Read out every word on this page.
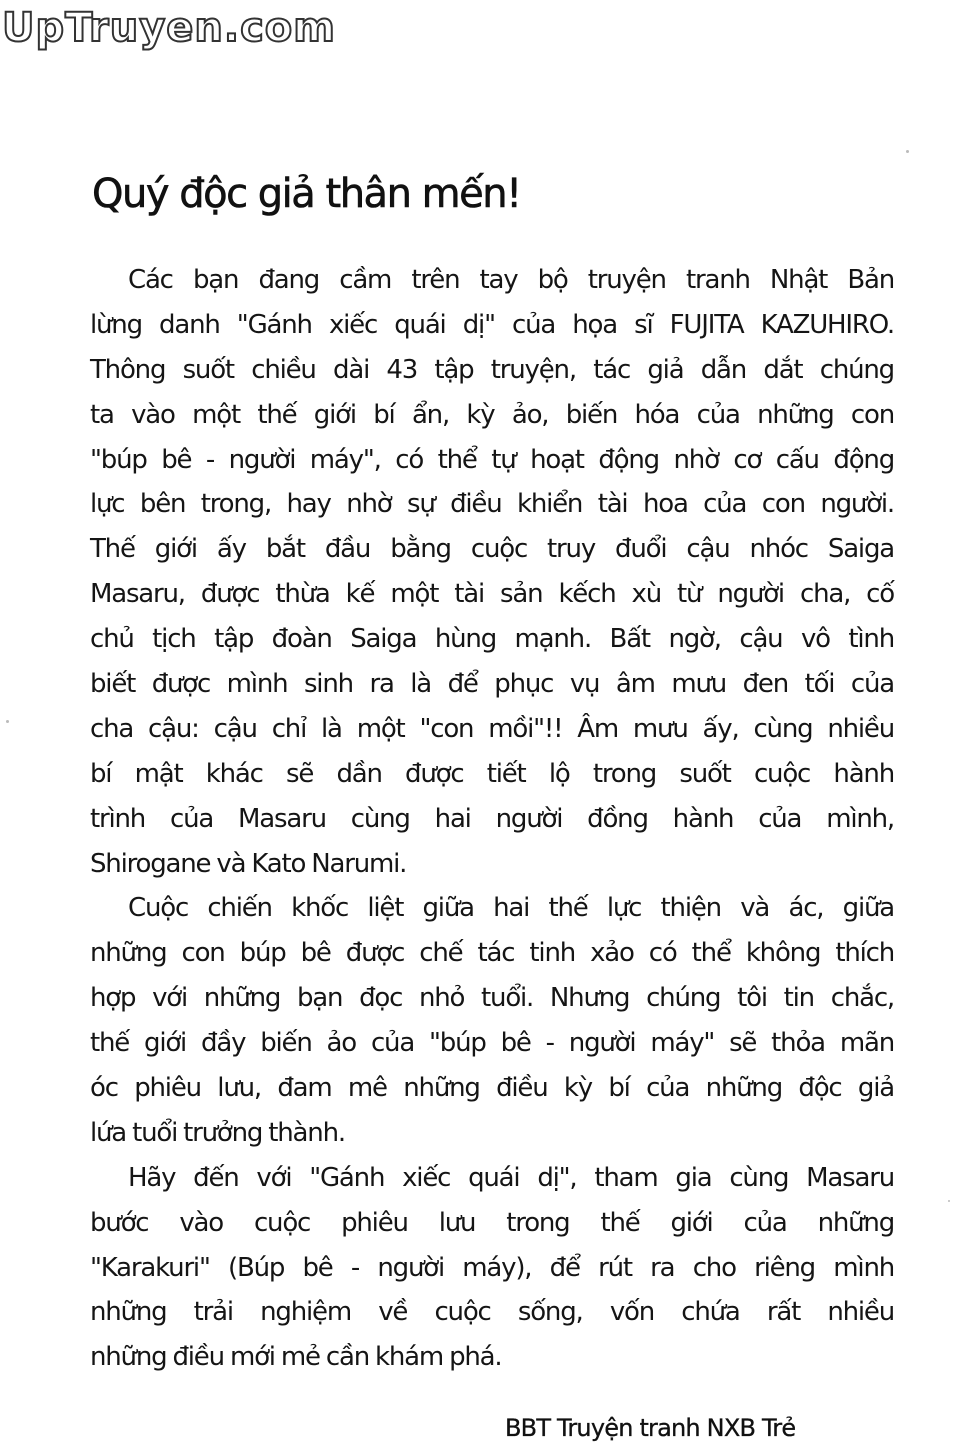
UpTruyen.com
Quý độc giả thân mến!
Các bạn đang cầm trên tay bộ truyện tranh Nhật Bản
lừng danh "Gánh xiếc quái dị" của họa sĩ FUJITA KAZUHIRO.
Thông suốt chiều dài 43 tập truyện, tác giả dẫn dắt chúng
ta vào một thế giới bí ẩn, kỳ ảo, biến hóa của những con
"búp bê - người máy", có thể tự hoạt động nhờ cơ cấu động
lực bên trong, hay nhờ sự điều khiển tài hoa của con người.
Thế giới ấy bắt đầu bằng cuộc truy đuổi cậu nhóc Saiga
Masaru, được thừa kế một tài sản kếch xù từ người cha, cố
chủ tịch tập đoàn Saiga hùng mạnh. Bất ngờ, cậu vô tình
biết được mình sinh ra là để phục vụ âm mưu đen tối của
cha cậu: cậu chỉ là một "con mồi"!! Âm mưu ấy, cùng nhiều
bí mật khác sẽ dần được tiết lộ trong suốt cuộc hành
trình của Masaru cùng hai người đồng hành của mình,
Shirogane và Kato Narumi.
Cuộc chiến khốc liệt giữa hai thế lực thiện và ác, giữa
những con búp bê được chế tác tinh xảo có thể không thích
hợp với những bạn đọc nhỏ tuổi. Nhưng chúng tôi tin chắc,
thế giới đầy biến ảo của "búp bê - người máy" sẽ thỏa mãn
óc phiêu lưu, đam mê những điều kỳ bí của những độc giả
lứa tuổi trưởng thành.
Hãy đến với "Gánh xiếc quái dị", tham gia cùng Masaru
bước vào cuộc phiêu lưu trong thế giới của những
"Karakuri" (Búp bê - người máy), để rút ra cho riêng mình
những trải nghiệm về cuộc sống, vốn chứa rất nhiều
những điều mới mẻ cần khám phá.
BBT Truyện tranh NXB Trẻ
